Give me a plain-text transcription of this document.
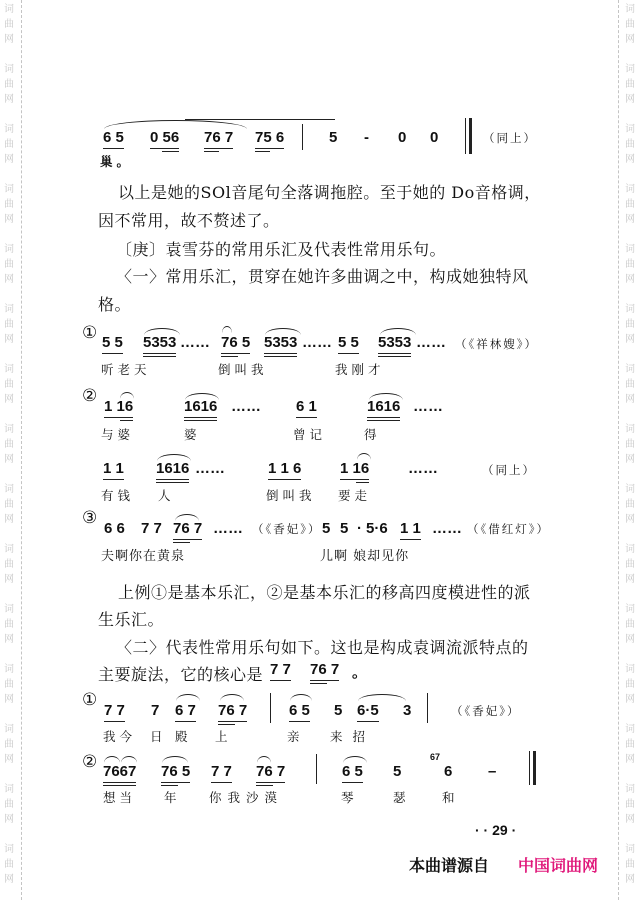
词
曲
网
词
曲
网
词
曲
网
词
曲
网
词
曲
网
词
曲
网
词
曲
网
词
曲
网
词
曲
网
词
曲
网
词
曲
网
词
曲
网
词
曲
网
词
曲
网
词
曲
网
词
曲
网
词
曲
网
词
曲
网
词
曲
网
词
曲
网
词
曲
网
词
曲
网
词
曲
网
词
曲
网
词
曲
网
词
曲
网
词
曲
网
词
曲
网
词
曲
网
词
曲
网
6 5 0 56 76 7 75 6	5 - 0 0	（同上）
巢。
以上是她的SOl音尾句全落调拖腔。至于她的 Do音格调，
因不常用，故不赘述了。
〔庚〕袁雪芬的常用乐汇及代表性常用乐句。
〈一〉常用乐汇，贯穿在她许多曲调之中，构成她独特风
格。
① 5 5 5353 …… 76 5 5353 …… 5 5 5353 …… （《祥林嫂》）
听老天	倒叫我	我刚才
②
1 16	1616 …… 6 1	1616 ……
与婆	婆	曾记	得
1 1 1616 ……	1 1 6	1 16	……	（同上）
有钱 人	倒叫我 要走
③
6 6 7 7 76 7 …… （《香妃》） 5 5 · 5·6 1 1 …… （《借红灯》）
夫啊你在黄泉	儿啊 娘却见你
上例①是基本乐汇，②是基本乐汇的移高四度模进性的派
生乐汇。
〈二〉代表性常用乐句如下。这也是构成袁调流派特点的
主要旋法，它的核心是 7 7 76 7 。
①
7 7 7 6 7 76 7	6 5 5 6·5 3	（《香妃》）
我今 日 殿 上	亲 来招
② 7667 76 5 7 7 76 7	6 5 5
67
6 –
想当 年 你我沙漠	琴	瑟	和
· · 29 ·
本曲谱源自 中国词曲网
